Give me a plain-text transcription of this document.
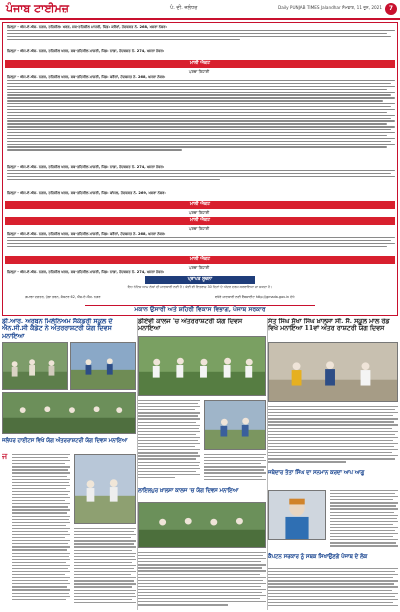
ਪੰਜਾਬ ਟਾਈਮਜ਼	ਪੰ. ਦੀ. ਜਲੰਧਰ	Daily PUNJAB TIMES Jalandhar ਸੋਮਵਾਰ, 11 ਜੂਨ, 2021	7
ਜ਼ਿਲ੍ਹਾ - ਐਸ.ਏ.ਐਸ. ਨਗਰ, ਤਹਿਸੀਲ: ਖਰੜ, ਸਬ-ਤਹਿਸੀਲ ਮਾਜਰੀ, ਪਿੰਡ: ਕਰੌਰਾਂ, ਹੱਦਬਸਤ ਨੰ. 268, ਖਸਰਾ ਨੰਬਰ:
ਜ਼ਿਲ੍ਹਾ - ਐਸ.ਏ.ਐਸ. ਨਗਰ, ਤਹਿਸੀਲ ਖਰੜ, ਸਬ-ਤਹਿਸੀਲ ਮਾਜਰੀ, ਪਿੰਡ: ਨਾਡਾ, ਹੱਦਬਸਤ ਨੰ. 274, ਖਸਰਾ ਨੰਬਰ:
ਮਾਲੀ ਐਕਟ
ਪਰਚਾ ਰਿਹਾਈ
ਜ਼ਿਲ੍ਹਾ - ਐਸ.ਏ.ਐਸ. ਨਗਰ, ਤਹਿਸੀਲ ਖਰੜ, ਸਬ-ਤਹਿਸੀਲ ਮਾਜਰੀ, ਪਿੰਡ: ਕਰੌਰਾਂ, ਹੱਦਬਸਤ ਨੰ. 268, ਖਸਰਾ ਨੰਬਰ:
ਜ਼ਿਲ੍ਹਾ - ਐਸ.ਏ.ਐਸ. ਨਗਰ, ਤਹਿਸੀਲ ਖਰੜ, ਸਬ-ਤਹਿਸੀਲ ਮਾਜਰੀ, ਪਿੰਡ: ਨਾਡਾ, ਹੱਦਬਸਤ ਨੰ. 274, ਖਸਰਾ ਨੰਬਰ:
ਜ਼ਿਲ੍ਹਾ - ਐਸ.ਏ.ਐਸ. ਨਗਰ, ਤਹਿਸੀਲ ਖਰੜ, ਸਬ-ਤਹਿਸੀਲ ਮਾਜਰੀ, ਪਿੰਡ: ਕਾਂਸਲ, ਹੱਦਬਸਤ ਨੰ. 269, ਖਸਰਾ ਨੰਬਰ:
ਮਾਲੀ ਐਕਟ
ਪਰਚਾ ਰਿਹਾਈ
ਮਾਲੀ ਐਕਟ
ਪਰਚਾ ਰਿਹਾਈ
ਜ਼ਿਲ੍ਹਾ - ਐਸ.ਏ.ਐਸ. ਨਗਰ, ਤਹਿਸੀਲ ਖਰੜ, ਸਬ-ਤਹਿਸੀਲ ਮਾਜਰੀ, ਪਿੰਡ: ਕਰੌਰਾਂ, ਹੱਦਬਸਤ ਨੰ. 268, ਖਸਰਾ ਨੰਬਰ:
ਮਾਲੀ ਐਕਟ
ਪਰਚਾ ਰਿਹਾਈ
ਜ਼ਿਲ੍ਹਾ - ਐਸ.ਏ.ਐਸ. ਨਗਰ, ਤਹਿਸੀਲ ਖਰੜ, ਸਬ-ਤਹਿਸੀਲ ਮਾਜਰੀ, ਪਿੰਡ: ਨਾਡਾ, ਹੱਦਬਸਤ ਨੰ. 274, ਖਸਰਾ ਨੰਬਰ:
ਪ੍ਰਾਪਤ ਸੂਚਨਾ
ਇਹ ਨੋਟਿਸ ਆਮ ਲੋਕਾਂ ਦੀ ਜਾਣਕਾਰੀ ਲਈ ਹੈ। ਕੋਈ ਵੀ ਇਤਰਾਜ਼ 30 ਦਿਨਾਂ ਦੇ ਅੰਦਰ ਦਰਜ ਕਰਵਾਇਆ ਜਾ ਸਕਦਾ ਹੈ।
ਗਮਾਡਾ ਦਫ਼ਤਰ, ਪੁੱਡਾ ਭਵਨ, ਸੈਕਟਰ 62, ਐਸ.ਏ.ਐਸ. ਨਗਰ	ਵਧੇਰੇ ਜਾਣਕਾਰੀ ਲਈ ਵੈੱਬਸਾਈਟ http://gmada.gov.in ਦੇਖੋ
ਮਕਾਨ ਉਸਾਰੀ ਅਤੇ ਸ਼ਹਿਰੀ ਵਿਕਾਸ ਵਿਭਾਗ, ਪੰਜਾਬ ਸਰਕਾਰ
ਡੀ.ਆਰ. ਅਰਬਨ ਮਿਲੇਨਿਅਮ ਸੈਕੰਡਰੀ ਸਕੂਲ ਦੇ ਐਨ.ਸੀ.ਸੀ ਕੈਡੇਟ ਨੇ ਅੰਤਰਰਾਸ਼ਟਰੀ ਯੋਗ ਦਿਵਸ ਮਨਾਇਆ
ਜਲੰਧਰ ਹਾਈਟਸ ਵਿਖੇ ਯੋਗ ਅੰਤਰਰਾਸ਼ਟਰੀ ਯੋਗ ਦਿਵਸ ਮਨਾਇਆ
ਜ
ਡੀਏਵੀ ਕਾਲਜ 'ਚ ਅੰਤਰਰਾਸ਼ਟਰੀ ਯੋਗ ਦਿਵਸ ਮਨਾਇਆ
ਲਾਇਲਪੁਰ ਖ਼ਾਲਸਾ ਕਾਲਜ 'ਚ ਯੋਗ ਦਿਵਸ ਮਨਾਇਆ
ਸੰਤ ਸਿੰਘ ਸੁੱਖਾ ਸਿੰਘ ਖ਼ਾਲਸਾ ਸੀ. ਸੈ. ਸਕੂਲ ਮਾਲ ਰੋਡ ਵਿਖੇ ਮਨਾਇਆ 11ਵਾਂ ਅੰਤਰ ਰਾਸ਼ਟਰੀ ਯੋਗ ਦਿਵਸ
ਜਥੇਦਾਰ ਤੋਤਾ ਸਿੰਘ ਦਾ ਸਨਮਾਨ ਕਰਦਾ ਆਪ ਆਗੂ
ਕੈਪਟਨ ਸਰਕਾਰ ਨੂੰ ਸਬਕ ਸਿਖਾਉਣਗੇ ਪੰਜਾਬ ਦੇ ਲੋਕ
